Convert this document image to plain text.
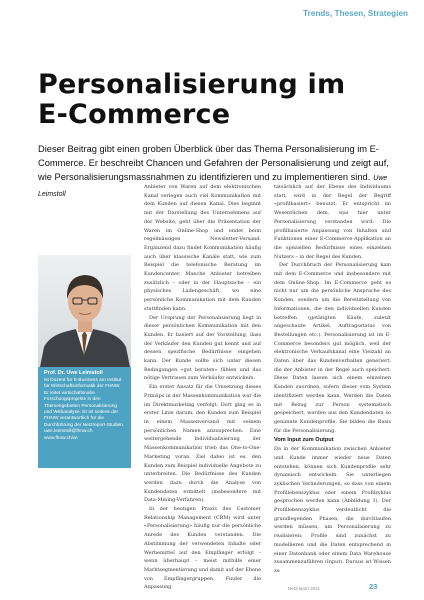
Trends, Thesen, Strategien
Personalisierung im
E-Commerce

Dieser Beitrag gibt einen groben Überblick über das Thema Personalisierung im E-Commerce. Er beschreibt Chancen und Gefahren der Personalisierung und zeigt auf, wie Personalisierungsmassnahmen zu identifizieren und zu implementieren sind. Uwe Leimstoll

Prof. Dr. Uwe Leimstoll

ist Dozent für E-Business am Institut für Wirtschaftsinformatik der FHNW. Er leitet wirtschaftsnahe Forschungsprojekte in den Themengebieten Personalisierung und Webanalyse. Er ist seitens der FHNW verantwortlich für die Durchführung der Netzreport-Studien.

uwe.leimstoll@fhnw.ch

www.fhnw.ch/wi

Anbieter von Waren auf dem elektronischen Kanal verlegen auch viel Kommunikation mit dem Kunden auf diesen Kanal. Dies beginnt mit der Darstellung des Unternehmens auf der Website, geht über die Präsentation der Waren im Online-Shop und endet beim regelmässigen Newsletter-Versand. Ergänzend dazu findet Kommunikation häufig auch über klassische Kanäle statt, wie zum Beispiel die telefonische Beratung im Kundencenter. Manche Anbieter betreiben zusätzlich – oder in der Hauptsache – ein physisches Ladengeschäft, wo eine persönliche Kommunikation mit dem Kunden stattfinden kann.

Der Ursprung der Personalisierung liegt in dieser persönlichen Kommunikation mit den Kunden. Er basiert auf der Vorstellung, dass der Verkäufer den Kunden gut kennt und auf dessen spezifische Bedürfnisse eingehen kann. Der Kunde sollte sich unter diesen Bedingungen «gut beraten» fühlen und das nötige Vertrauen zum Verkäufer entwickeln.

Ein erster Ansatz für die Umsetzung dieses Prinzips in der Massenkommunikation war die im Direktmarketing verfolgt. Dort ging es in erster Linie darum, den Kunden zum Beispiel in einem Massenversand mit seinem persönlichen Namen anzusprechen. Eine weitergehende Individualisierung der Massenkommunikation trieb das One-to-One-Marketing voran. Ziel dabei ist es, den Kunden zum Beispiel individuelle Angebote zu unterbreiten. Die Bedürfnisse des Kunden werden dazu durch die Analyse von Kundendaten ermittelt (insbesondere mit Data-Mining-Verfahren).

In der heutigen Praxis des Customer Relationship Management (CRM) wird unter «Personalisierung» häufig nur die persönliche Anrede des Kunden verstanden. Die Abstimmung der verwendeten Inhalte oder Werbemittel auf den Empfänger erfolgt – wenn überhaupt – meist mithilfe einer Marktsegmentierung und damit auf der Ebene von Empfängergruppen. Finder die Anpassung

tatsächlich auf der Ebene des Individuums statt, wird in der Regel der Begriff «profilbasiert» benutzt. Er entspricht im Wesentlichen dem, was hier unter Personalisierung verstanden wird: Die profilbasierte Anpassung von Inhalten und Funktionen einer E-Commerce-Applikation an die speziellen Bedürfnisse eines einzelnen Nutzers – in der Regel des Kunden.

Der Durchbruch der Personalisierung kam mit dem E-Commerce und insbesondere mit dem Online-Shop. Im E-Commerce geht es nicht nur um die persönliche Ansprache des Kunden, sondern um die Bereitstellung von Informationen, die den individuellen Kunden betreffen (getätigten Käufe, zuletzt angeschaute Artikel, Auftragsstatus von Bestellungen etc.). Personalisierung ist im E-Commerce besonders gut möglich, weil der elektronische Verkaufskanal eine Vielzahl an Daten über das Kundenverhalten generiert, die der Anbieter in der Regel auch speichert. Diese Daten lassen sich einem einzelnen Kunden zuordnen, sofern dieser vom System identifiziert werden kann. Werden die Daten mit Bezug zur Person systematisch gespeichert, werden aus den Kundendaten so genannte Kundenprofile. Sie bilden die Basis für die Personalisierung.

Vom Input zum Output

Da in der Kommunikation zwischen Anbieter und Kunde immer wieder neue Daten entstehen, können sich Kundenprofile sehr dynamisch entwickeln. Sie unterliegen zyklischen Veränderungen, so dass von einem Profillebenszyklus oder einem Profilzyklus gesprochen werden kann (Abbildung 1). Der Profillebenszyklus verdeutlicht die grundlegenden Phasen, die durchlaufen werden müssen, um Personalisierung zu realisieren: Profile sind zunächst zu modellieren und die Daten entsprechend in einer Datenbank oder einem Data Warehouse zusammenzuführen (Input). Daraus ist Wissen zu

Netzreport 2011	23
